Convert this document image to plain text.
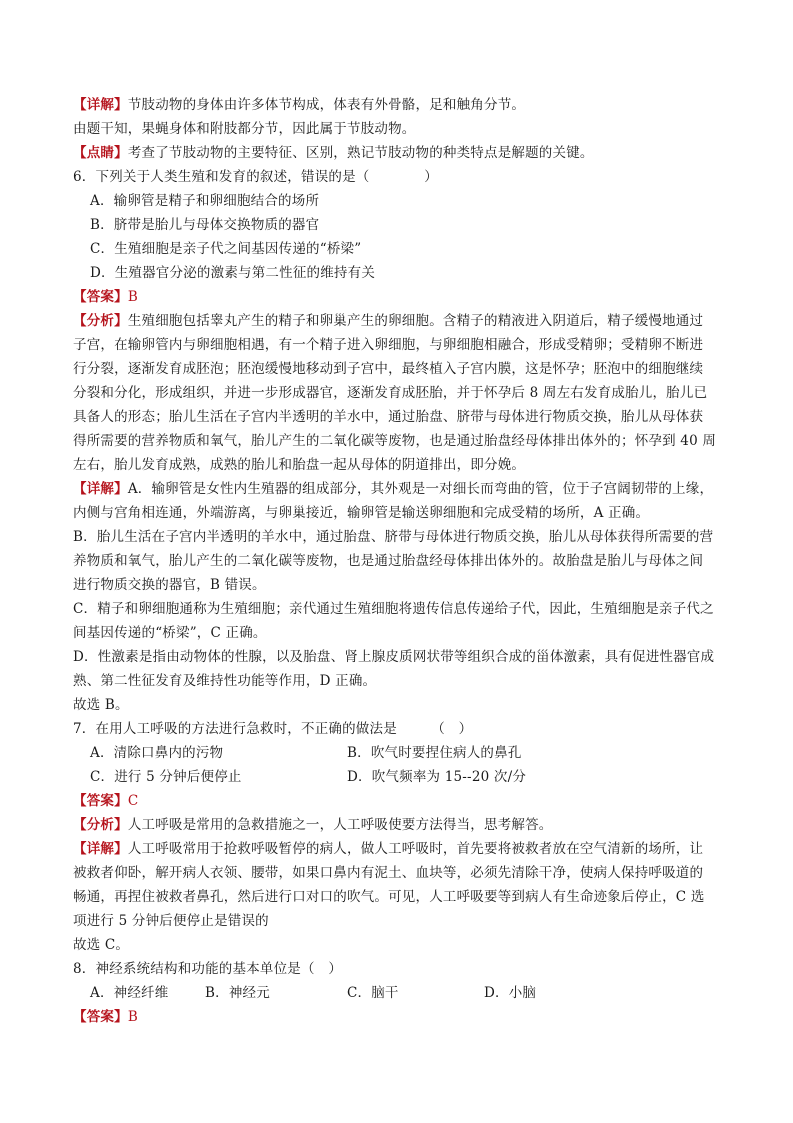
【详解】节肢动物的身体由许多体节构成，体表有外骨骼，足和触角分节。

由题干知，果蝇身体和附肢都分节，因此属于节肢动物。

【点睛】考查了节肢动物的主要特征、区别，熟记节肢动物的种类特点是解题的关键。

6．下列关于人类生殖和发育的叙述，错误的是（　　　　）

A．输卵管是精子和卵细胞结合的场所

B．脐带是胎儿与母体交换物质的器官

C．生殖细胞是亲子代之间基因传递的“桥梁”

D．生殖器官分泌的激素与第二性征的维持有关

【答案】B

【分析】生殖细胞包括睾丸产生的精子和卵巢产生的卵细胞。含精子的精液进入阴道后，精子缓慢地通过

子宫，在输卵管内与卵细胞相遇，有一个精子进入卵细胞，与卵细胞相融合，形成受精卵；受精卵不断进

行分裂，逐渐发育成胚泡；胚泡缓慢地移动到子宫中，最终植入子宫内膜，这是怀孕；胚泡中的细胞继续

分裂和分化，形成组织，并进一步形成器官，逐渐发育成胚胎，并于怀孕后 8 周左右发育成胎儿，胎儿已

具备人的形态；胎儿生活在子宫内半透明的羊水中，通过胎盘、脐带与母体进行物质交换，胎儿从母体获

得所需要的营养物质和氧气，胎儿产生的二氧化碳等废物，也是通过胎盘经母体排出体外的；怀孕到 40 周

左右，胎儿发育成熟，成熟的胎儿和胎盘一起从母体的阴道排出，即分娩。

【详解】A．输卵管是女性内生殖器的组成部分，其外观是一对细长而弯曲的管，位于子宫阔韧带的上缘，

内侧与宫角相连通，外端游离，与卵巢接近，输卵管是输送卵细胞和完成受精的场所，A 正确。

B．胎儿生活在子宫内半透明的羊水中，通过胎盘、脐带与母体进行物质交换，胎儿从母体获得所需要的营

养物质和氧气，胎儿产生的二氧化碳等废物，也是通过胎盘经母体排出体外的。故胎盘是胎儿与母体之间

进行物质交换的器官，B 错误。

C．精子和卵细胞通称为生殖细胞；亲代通过生殖细胞将遗传信息传递给子代，因此，生殖细胞是亲子代之

间基因传递的“桥梁”，C 正确。

D．性激素是指由动物体的性腺，以及胎盘、肾上腺皮质网状带等组织合成的甾体激素，具有促进性器官成

熟、第二性征发育及维持性功能等作用，D 正确。

故选 B。

7．在用人工呼吸的方法进行急救时，不正确的做法是　　　（　）

A．清除口鼻内的污物	B．吹气时要捏住病人的鼻孔
C．进行 5 分钟后便停止	D．吹气频率为 15--20 次/分

【答案】C

【分析】人工呼吸是常用的急救措施之一，人工呼吸使要方法得当，思考解答。

【详解】人工呼吸常用于抢救呼吸暂停的病人，做人工呼吸时，首先要将被救者放在空气清新的场所，让

被救者仰卧，解开病人衣领、腰带，如果口鼻内有泥土、血块等，必须先清除干净，使病人保持呼吸道的

畅通，再捏住被救者鼻孔，然后进行口对口的吹气。可见，人工呼吸要等到病人有生命迹象后停止，C 选

项进行 5 分钟后便停止是错误的

故选 C。

8．神经系统结构和功能的基本单位是（　）

A．神经纤维	B．神经元	C．脑干	D．小脑

【答案】B
